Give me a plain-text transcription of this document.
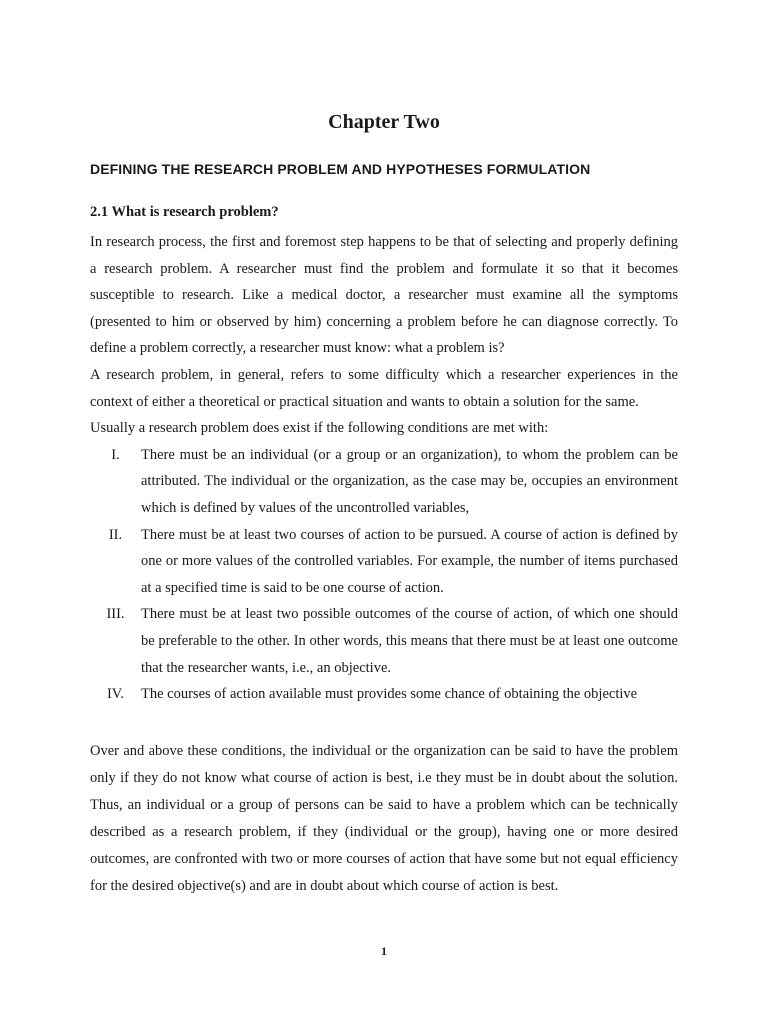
Chapter Two
DEFINING THE RESEARCH PROBLEM AND HYPOTHESES FORMULATION
2.1 What is research problem?

In research process, the first and foremost step happens to be that of selecting and properly defining a research problem. A researcher must find the problem and formulate it so that it becomes susceptible to research. Like a medical doctor, a researcher must examine all the symptoms (presented to him or observed by him) concerning a problem before he can diagnose correctly. To define a problem correctly, a researcher must know: what a problem is?

A research problem, in general, refers to some difficulty which a researcher experiences in the context of either a theoretical or practical situation and wants to obtain a solution for the same.

Usually a research problem does exist if the following conditions are met with:

I.	There must be an individual (or a group or an organization), to whom the problem can be attributed. The individual or the organization, as the case may be, occupies an environment which is defined by values of the uncontrolled variables,
II.	There must be at least two courses of action to be pursued. A course of action is defined by one or more values of the controlled variables. For example, the number of items purchased at a specified time is said to be one course of action.
III.	There must be at least two possible outcomes of the course of action, of which one should be preferable to the other. In other words, this means that there must be at least one outcome that the researcher wants, i.e., an objective.
IV.	The courses of action available must provides some chance of obtaining the objective

Over and above these conditions, the individual or the organization can be said to have the problem only if they do not know what course of action is best, i.e they must be in doubt about the solution. Thus, an individual or a group of persons can be said to have a problem which can be technically described as a research problem, if they (individual or the group), having one or more desired outcomes, are confronted with two or more courses of action that have some but not equal efficiency for the desired objective(s) and are in doubt about which course of action is best.

1
